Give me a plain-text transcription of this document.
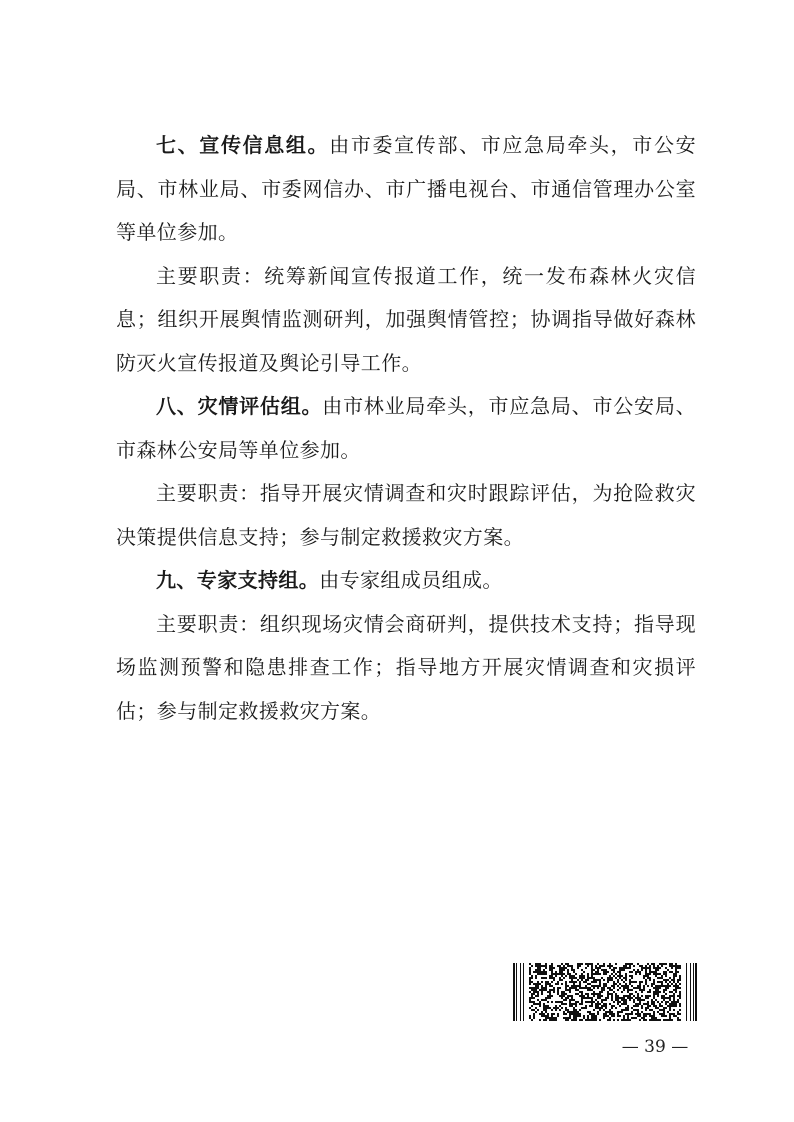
七、宣传信息组。由市委宣传部、市应急局牵头，市公安局、市林业局、市委网信办、市广播电视台、市通信管理办公室等单位参加。

主要职责：统筹新闻宣传报道工作，统一发布森林火灾信息；组织开展舆情监测研判，加强舆情管控；协调指导做好森林防灭火宣传报道及舆论引导工作。

八、灾情评估组。由市林业局牵头，市应急局、市公安局、市森林公安局等单位参加。

主要职责：指导开展灾情调查和灾时跟踪评估，为抢险救灾决策提供信息支持；参与制定救援救灾方案。

九、专家支持组。由专家组成员组成。

主要职责：组织现场灾情会商研判，提供技术支持；指导现场监测预警和隐患排查工作；指导地方开展灾情调查和灾损评估；参与制定救援救灾方案。

— 39 —
